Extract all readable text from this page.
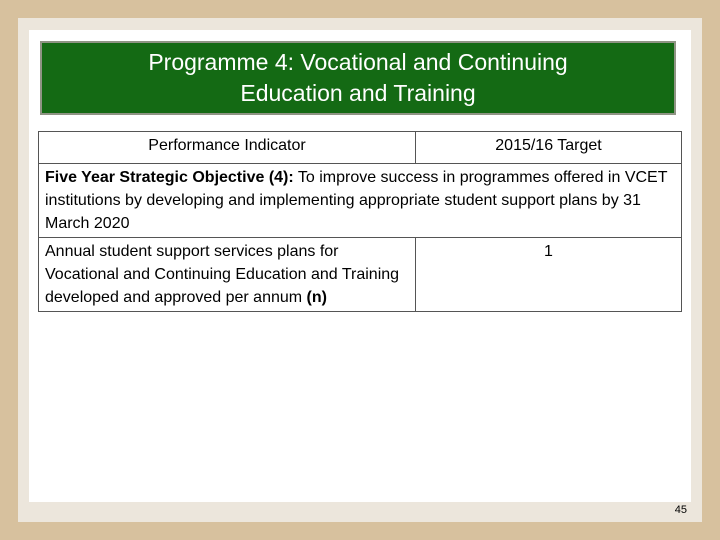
Programme 4: Vocational and Continuing Education and Training
Performance Indicator	2015/16 Target
Five Year Strategic Objective (4): To improve success in programmes offered in VCET institutions by developing and implementing appropriate student support plans by 31 March 2020	
Annual student support services plans for Vocational and Continuing Education and Training developed and approved per annum (n)	1
45
